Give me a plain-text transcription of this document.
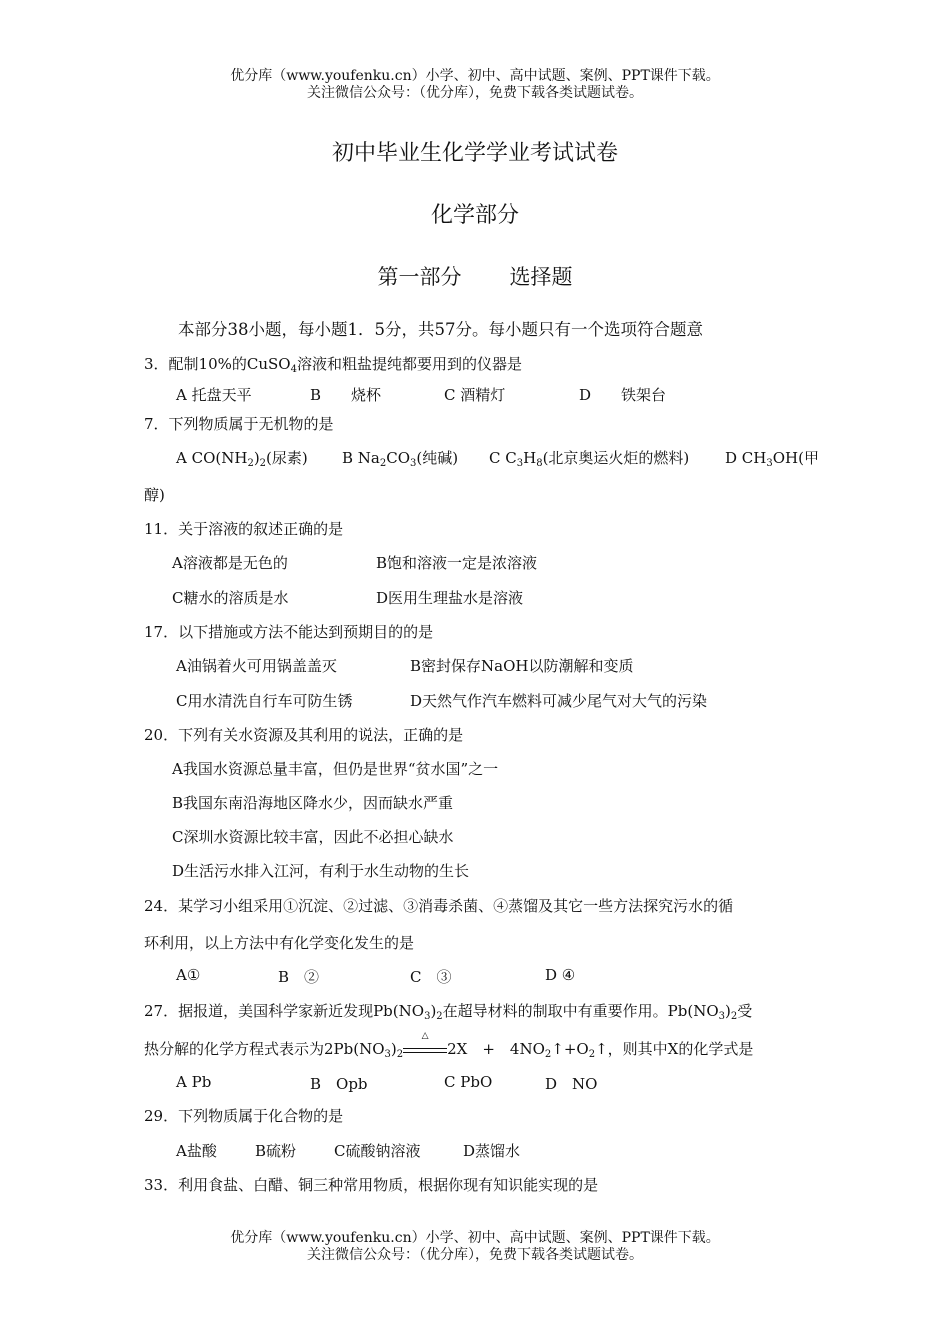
优分库（www.youfenku.cn）小学、初中、高中试题、案例、PPT课件下载。
关注微信公众号：（优分库），免费下载各类试题试卷。
初中毕业生化学学业考试试卷
化学部分
第一部分 选择题
本部分38小题，每小题1．5分，共57分。每小题只有一个选项符合题意
3．配制10%的CuSO$_4$溶液和粗盐提纯都要用到的仪器是
A 托盘天平	B　　烧杯	C 酒精灯	D　　铁架台
7．下列物质属于无机物的是
A $CO(NH_2)_2$(尿素) B $Na_2CO_3$(纯碱) C $C_3H_8$(北京奥运火炬的燃料) D $CH_3OH$(甲
醇)
11．关于溶液的叙述正确的是
A溶液都是无色的	B饱和溶液一定是浓溶液
C糖水的溶质是水	D医用生理盐水是溶液
17．以下措施或方法不能达到预期目的的是
A油锅着火可用锅盖盖灭	B密封保存NaOH以防潮解和变质
C用水清洗自行车可防生锈	D天然气作汽车燃料可减少尾气对大气的污染
20．下列有关水资源及其利用的说法，正确的是
A我国水资源总量丰富，但仍是世界“贫水国”之一
B我国东南沿海地区降水少，因而缺水严重
C深圳水资源比较丰富，因此不必担心缺水
D生活污水排入江河，有利于水生动物的生长
24．某学习小组采用①沉淀、②过滤、③消毒杀菌、④蒸馏及其它一些方法探究污水的循
环利用，以上方法中有化学变化发生的是
A①	B　②	C　③	D ④
27．据报道，美国科学家新近发现$Pb(NO_3)_2$在超导材料的制取中有重要作用。$Pb(NO_3)_2$受
热分解的化学方程式表示为$2Pb(NO_3)_2$
△
2X　+　$4NO_2↑+O_2↑$，则其中X的化学式是
A Pb	B　Opb	C PbO	D　NO
29．下列物质属于化合物的是
A盐酸	B硫粉	C硫酸钠溶液	D蒸馏水
33．利用食盐、白醋、铜三种常用物质，根据你现有知识能实现的是
优分库（www.youfenku.cn）小学、初中、高中试题、案例、PPT课件下载。
关注微信公众号：（优分库），免费下载各类试题试卷。
